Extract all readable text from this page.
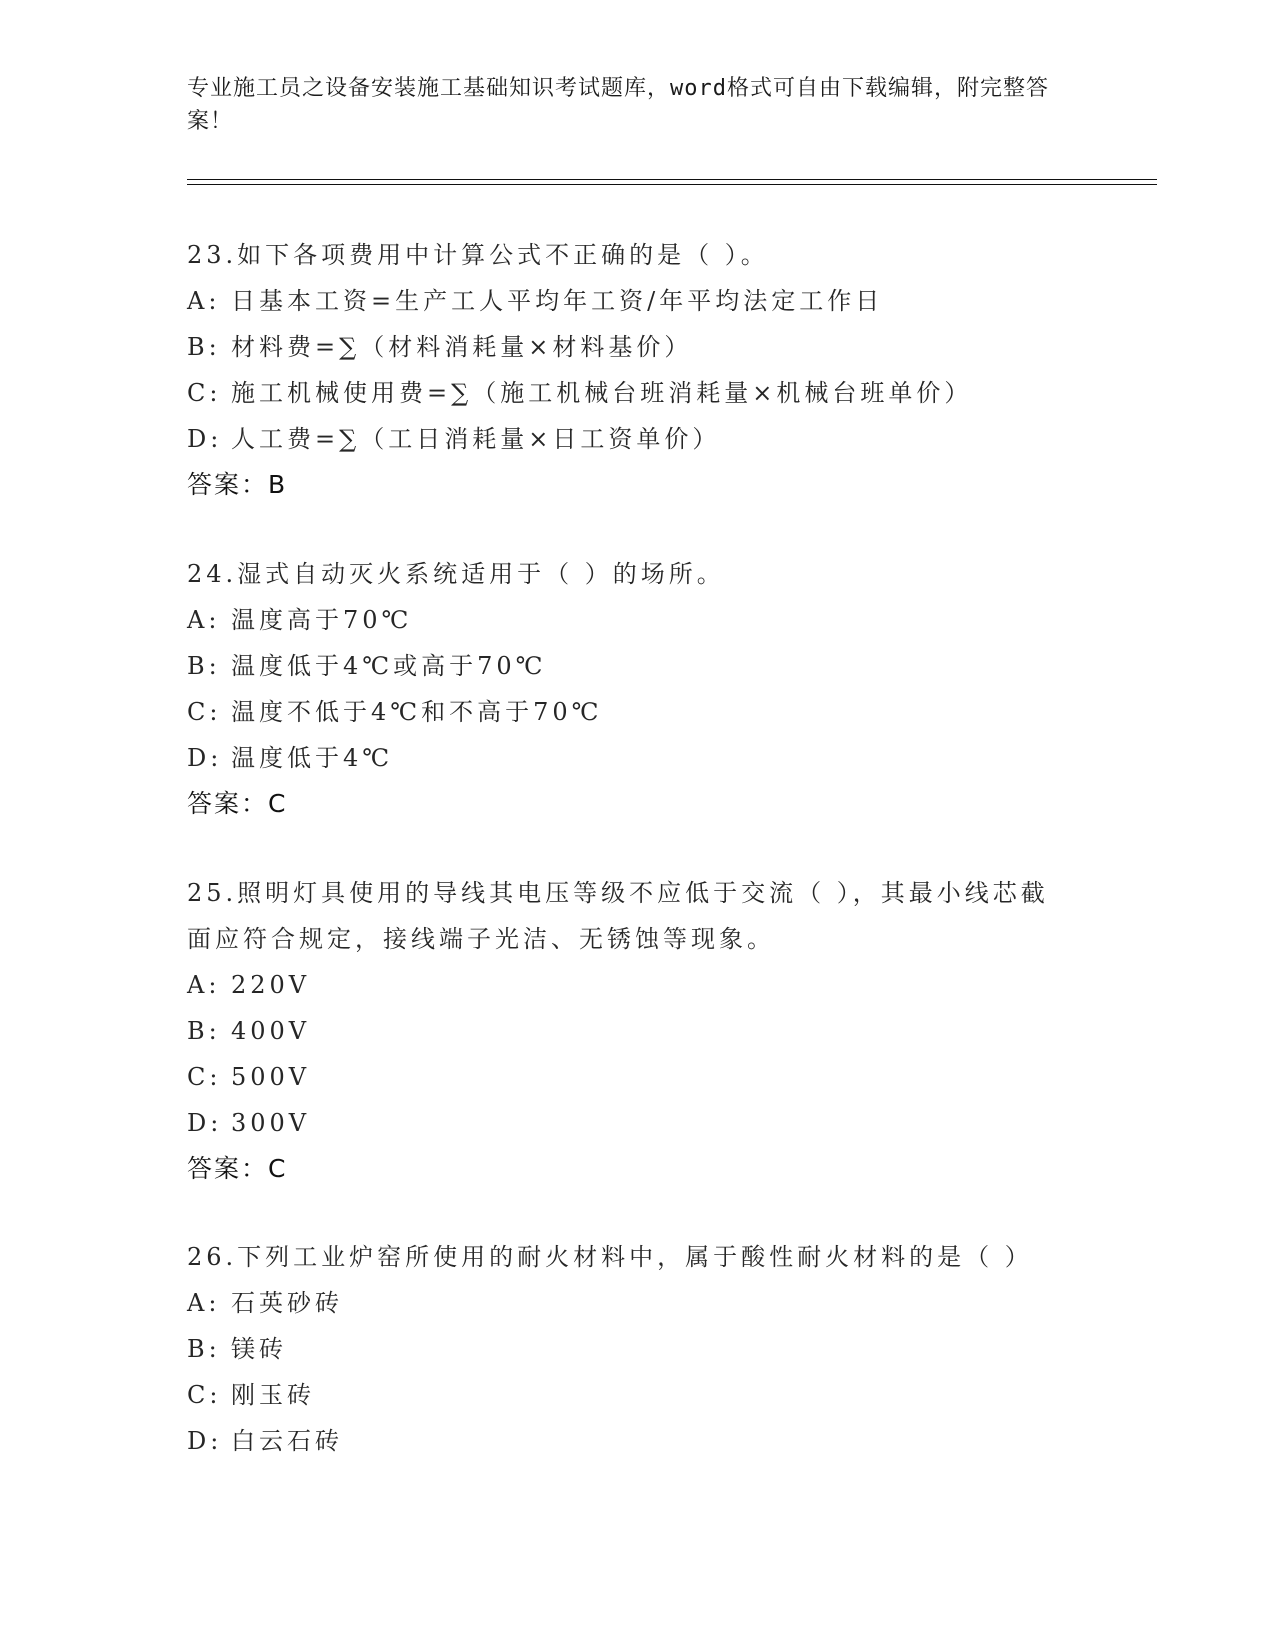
专业施工员之设备安装施工基础知识考试题库，word格式可自由下载编辑，附完整答案！
23.如下各项费用中计算公式不正确的是（ ）。
A: 日基本工资=生产工人平均年工资/年平均法定工作日
B: 材料费=∑（材料消耗量×材料基价）
C: 施工机械使用费=∑（施工机械台班消耗量×机械台班单价）
D: 人工费=∑（工日消耗量×日工资单价）
答案：B
24.湿式自动灭火系统适用于（ ）的场所。
A: 温度高于70℃
B: 温度低于4℃或高于70℃
C: 温度不低于4℃和不高于70℃
D: 温度低于4℃
答案：C
25.照明灯具使用的导线其电压等级不应低于交流（ ），其最小线芯截面应符合规定，接线端子光洁、无锈蚀等现象。
A: 220V
B: 400V
C: 500V
D: 300V
答案：C
26.下列工业炉窑所使用的耐火材料中，属于酸性耐火材料的是（ ）
A: 石英砂砖
B: 镁砖
C: 刚玉砖
D: 白云石砖
